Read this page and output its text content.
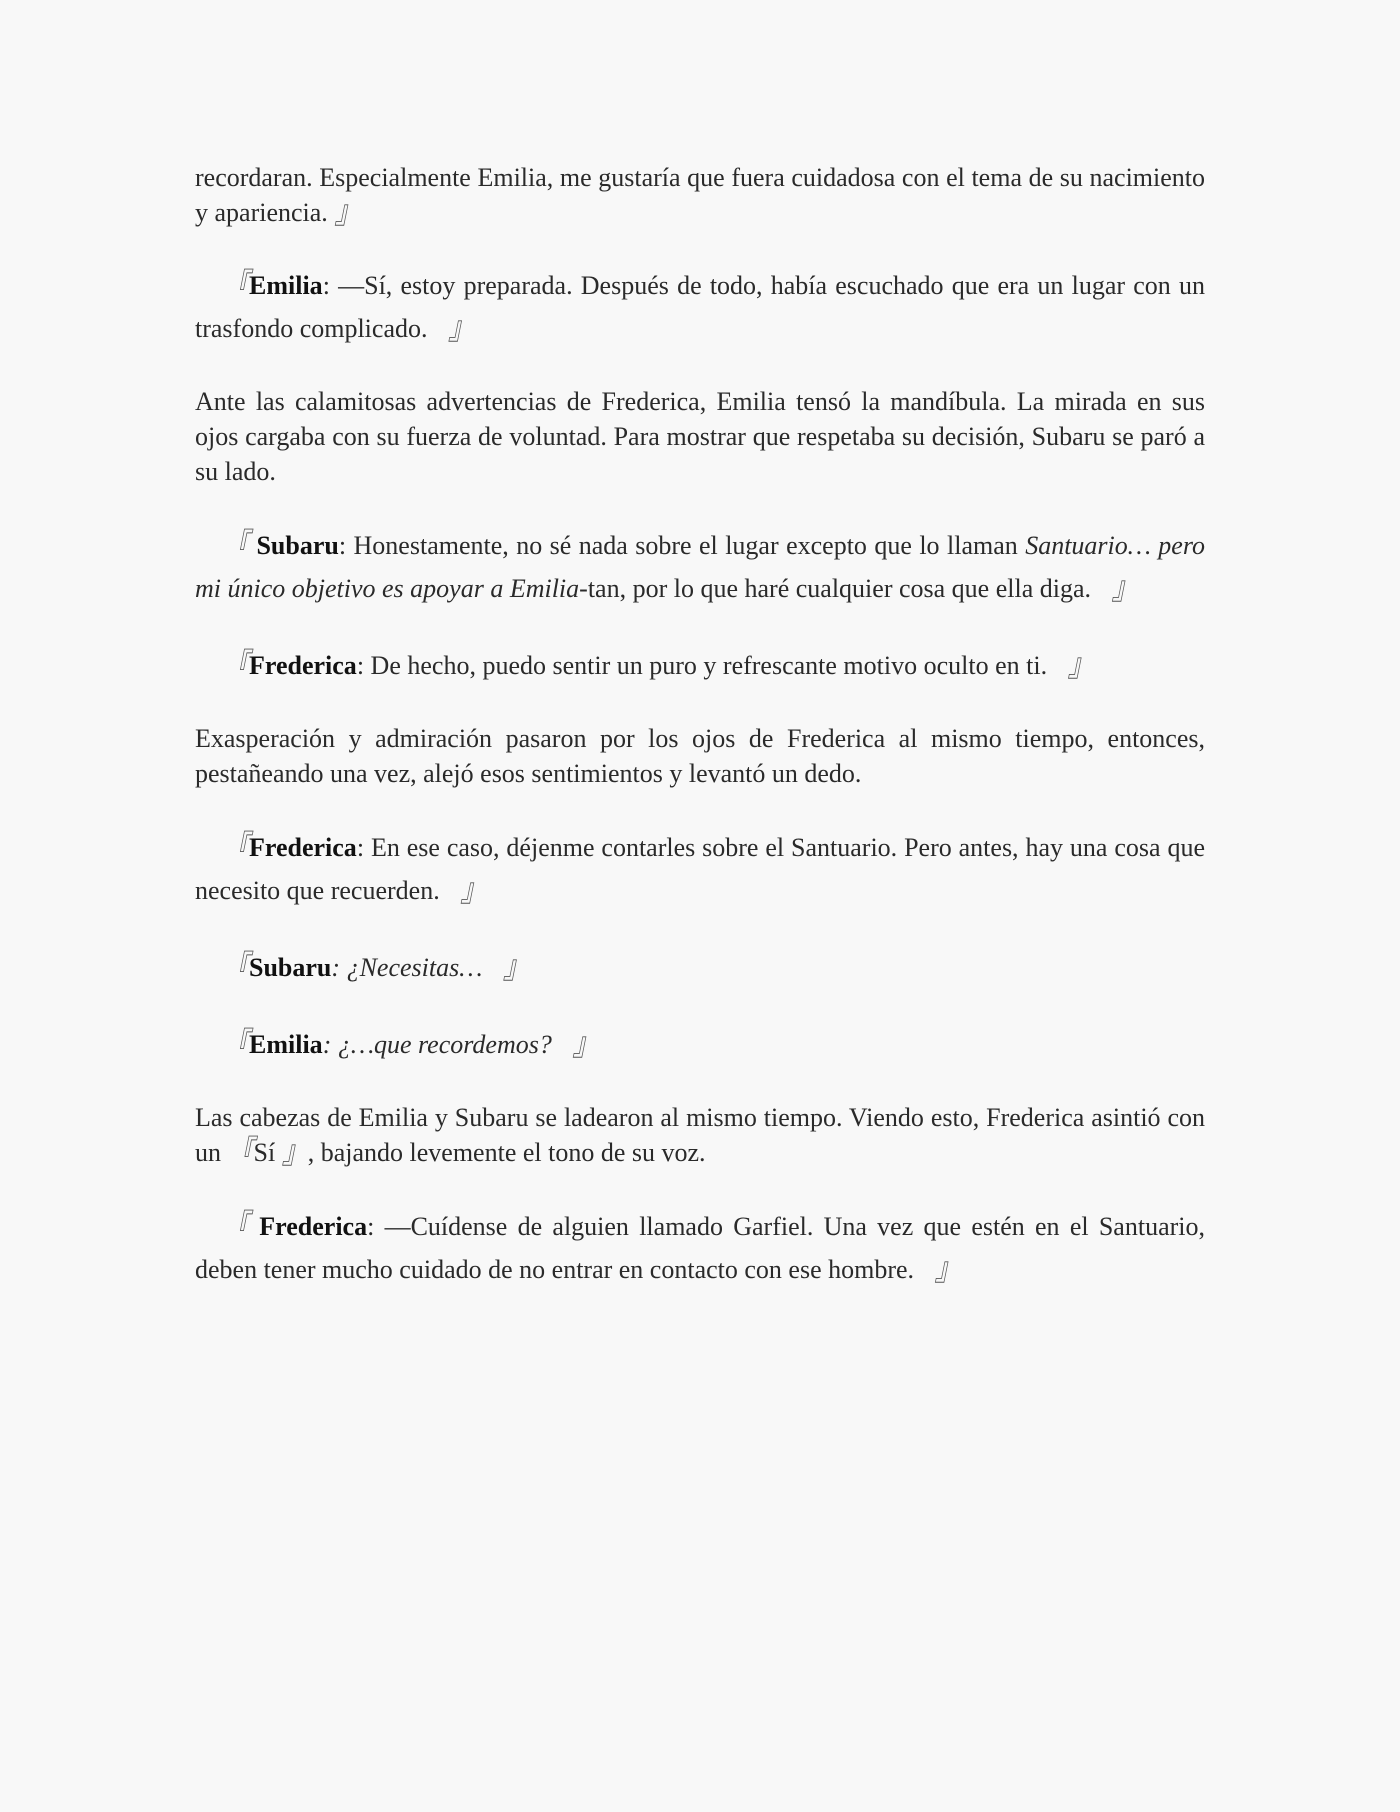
recordaran. Especialmente Emilia, me gustaría que fuera cuidadosa con el tema de su nacimiento y apariencia. 』

『Emilia: —Sí, estoy preparada. Después de todo, había escuchado que era un lugar con un trasfondo complicado. 』

Ante las calamitosas advertencias de Frederica, Emilia tensó la mandíbula. La mirada en sus ojos cargaba con su fuerza de voluntad. Para mostrar que respetaba su decisión, Subaru se paró a su lado.

『 Subaru: Honestamente, no sé nada sobre el lugar excepto que lo llaman Santuario… pero mi único objetivo es apoyar a Emilia-tan, por lo que haré cualquier cosa que ella diga. 』

『Frederica: De hecho, puedo sentir un puro y refrescante motivo oculto en ti. 』

Exasperación y admiración pasaron por los ojos de Frederica al mismo tiempo, entonces, pestañeando una vez, alejó esos sentimientos y levantó un dedo.

『Frederica: En ese caso, déjenme contarles sobre el Santuario. Pero antes, hay una cosa que necesito que recuerden. 』

『Subaru: ¿Necesitas… 』

『Emilia: ¿…que recordemos? 』

Las cabezas de Emilia y Subaru se ladearon al mismo tiempo. Viendo esto, Frederica asintió con un 『Sí 』, bajando levemente el tono de su voz.

『 Frederica: —Cuídense de alguien llamado Garfiel. Una vez que estén en el Santuario, deben tener mucho cuidado de no entrar en contacto con ese hombre. 』
